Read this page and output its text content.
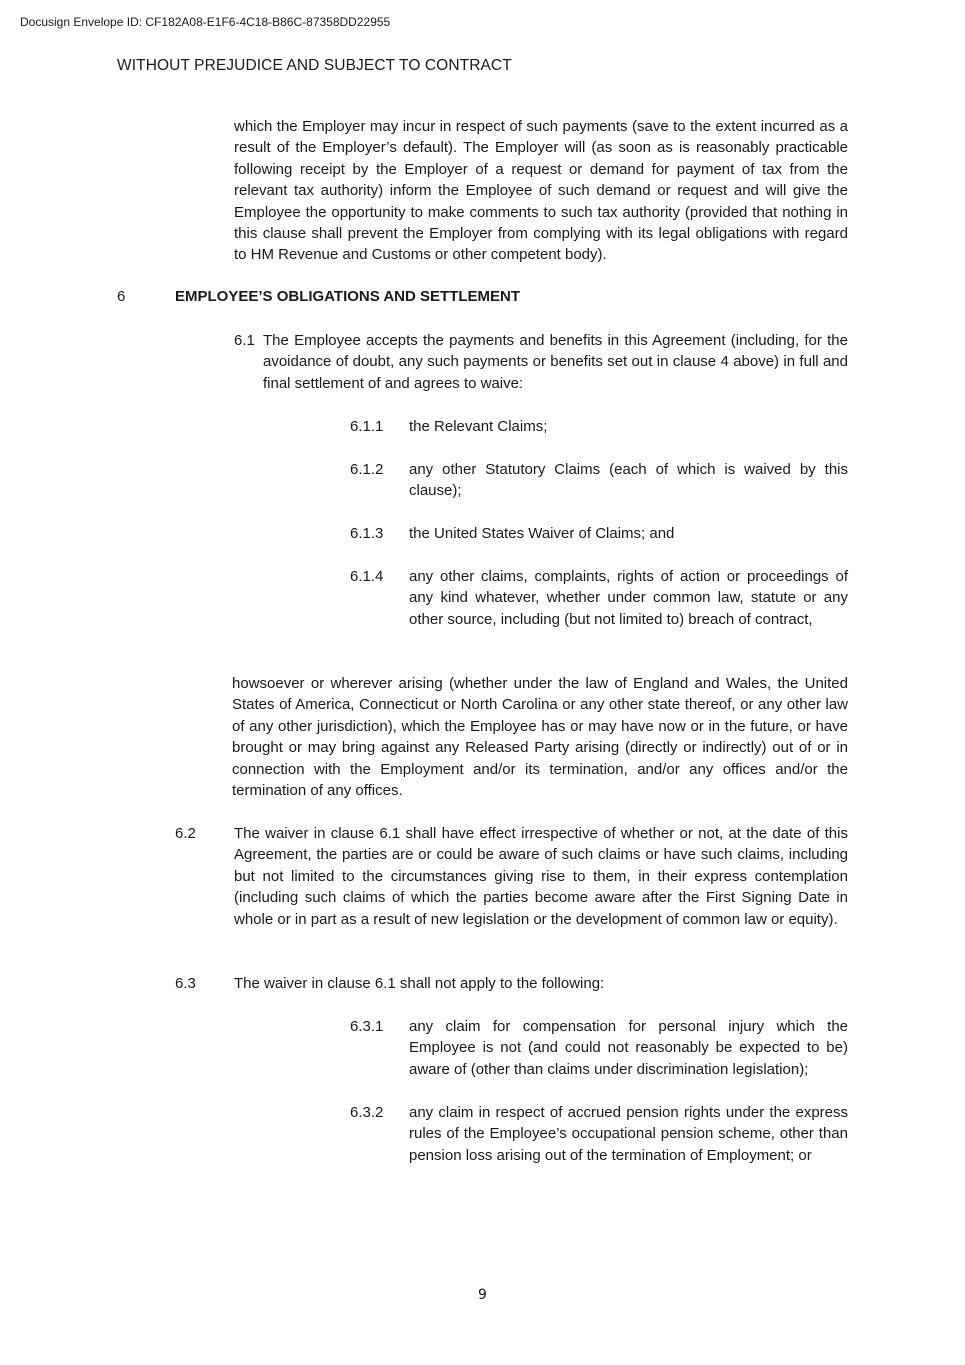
Docusign Envelope ID: CF182A08-E1F6-4C18-B86C-87358DD22955
WITHOUT PREJUDICE AND SUBJECT TO CONTRACT

which the Employer may incur in respect of such payments (save to the extent incurred as a result of the Employer’s default). The Employer will (as soon as is reasonably practicable following receipt by the Employer of a request or demand for payment of tax from the relevant tax authority) inform the Employee of such demand or request and will give the Employee the opportunity to make comments to such tax authority (provided that nothing in this clause shall prevent the Employer from complying with its legal obligations with regard to HM Revenue and Customs or other competent body).

6	EMPLOYEE’S OBLIGATIONS AND SETTLEMENT
6.1 The Employee accepts the payments and benefits in this Agreement (including, for the avoidance of doubt, any such payments or benefits set out in clause 4 above) in full and final settlement of and agrees to waive:

6.1.1 the Relevant Claims;

6.1.2 any other Statutory Claims (each of which is waived by this clause);

6.1.3 the United States Waiver of Claims; and

6.1.4 any other claims, complaints, rights of action or proceedings of any kind whatever, whether under common law, statute or any other source, including (but not limited to) breach of contract,

howsoever or wherever arising (whether under the law of England and Wales, the United States of America, Connecticut or North Carolina or any other state thereof, or any other law of any other jurisdiction), which the Employee has or may have now or in the future, or have brought or may bring against any Released Party arising (directly or indirectly) out of or in connection with the Employment and/or its termination, and/or any offices and/or the termination of any offices.

6.2	The waiver in clause 6.1 shall have effect irrespective of whether or not, at the date of this Agreement, the parties are or could be aware of such claims or have such claims, including but not limited to the circumstances giving rise to them, in their express contemplation (including such claims of which the parties become aware after the First Signing Date in whole or in part as a result of new legislation or the development of common law or equity).

6.3	The waiver in clause 6.1 shall not apply to the following:

6.3.1 any claim for compensation for personal injury which the Employee is not (and could not reasonably be expected to be) aware of (other than claims under discrimination legislation);

6.3.2 any claim in respect of accrued pension rights under the express rules of the Employee’s occupational pension scheme, other than pension loss arising out of the termination of Employment; or

9
